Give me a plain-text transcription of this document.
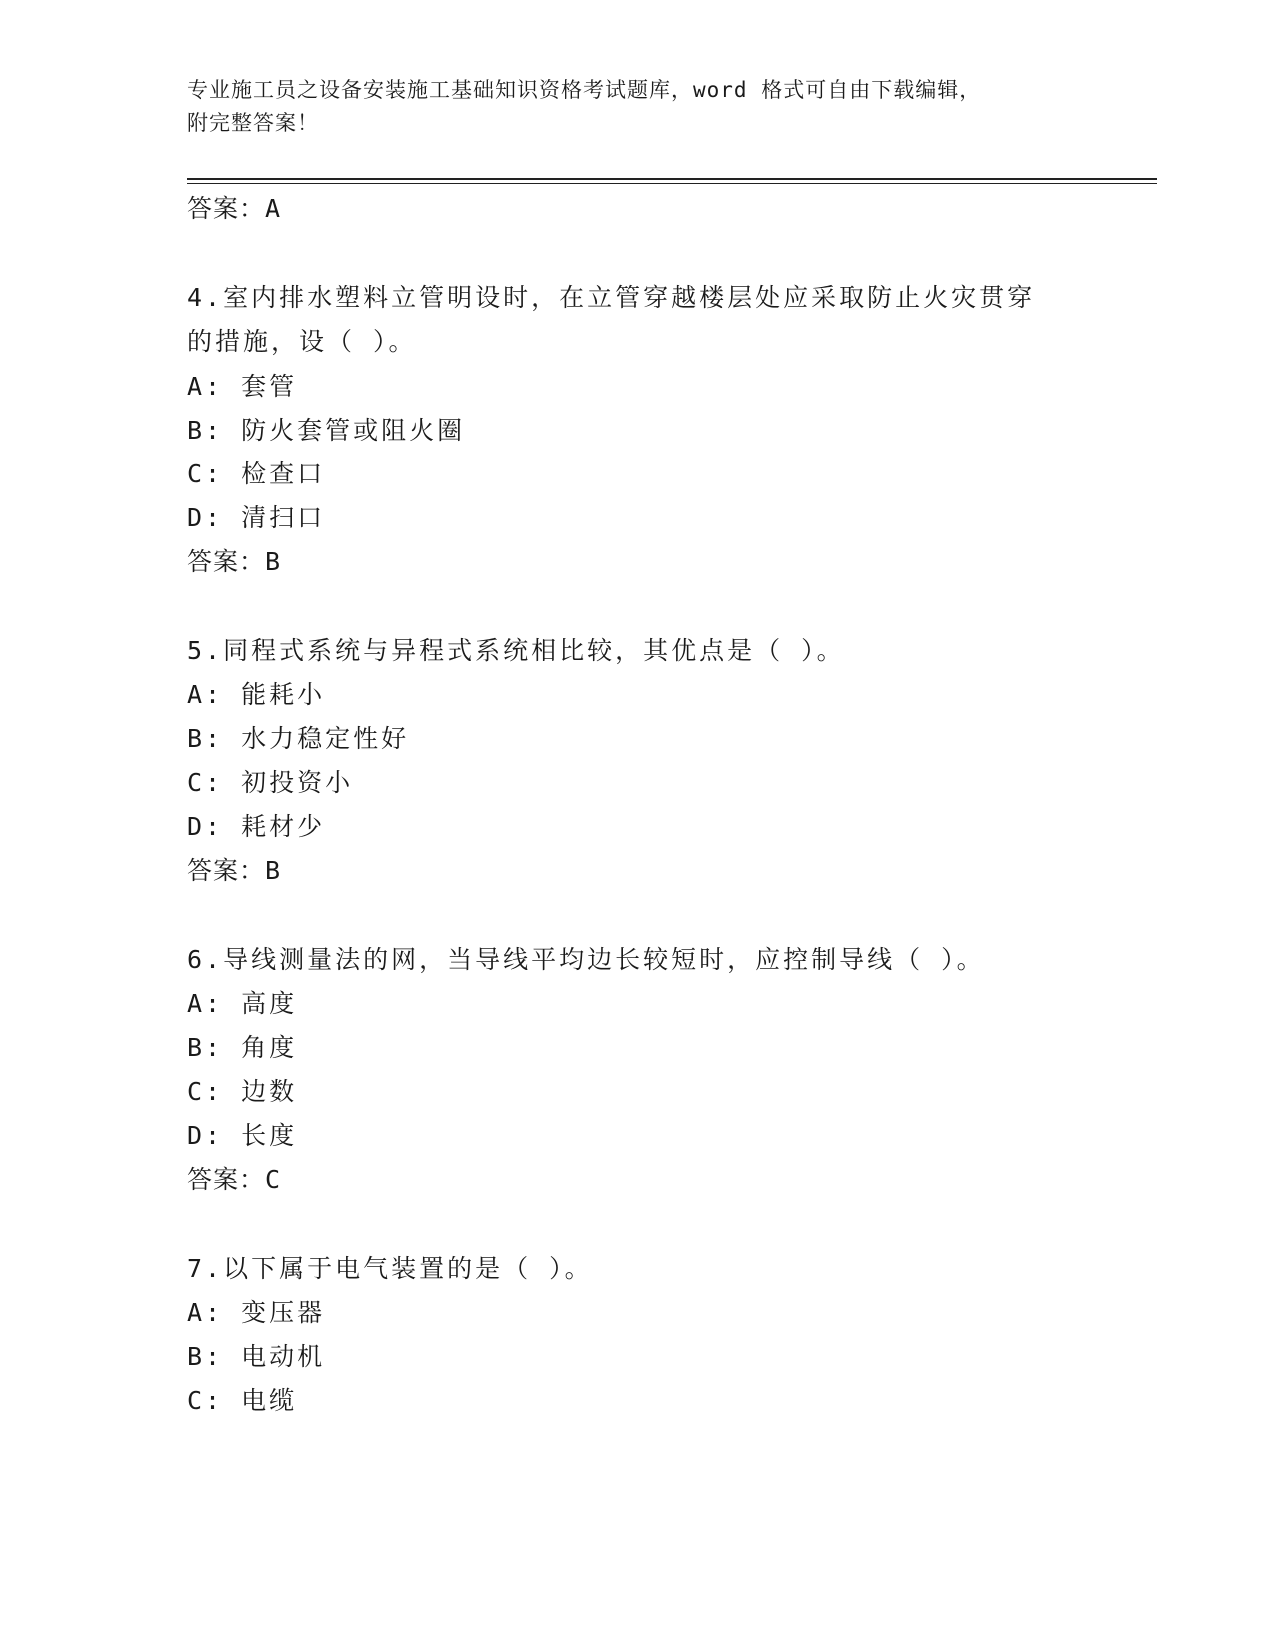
专业施工员之设备安装施工基础知识资格考试题库，word 格式可自由下载编辑，
附完整答案！
答案：A
4.室内排水塑料立管明设时，在立管穿越楼层处应采取防止火灾贯穿
的措施，设（ ）。
A: 套管
B: 防火套管或阻火圈
C: 检查口
D: 清扫口
答案：B
5.同程式系统与异程式系统相比较，其优点是（ ）。
A: 能耗小
B: 水力稳定性好
C: 初投资小
D: 耗材少
答案：B
6.导线测量法的网，当导线平均边长较短时，应控制导线（ ）。
A: 高度
B: 角度
C: 边数
D: 长度
答案：C
7.以下属于电气装置的是（ ）。
A: 变压器
B: 电动机
C: 电缆
